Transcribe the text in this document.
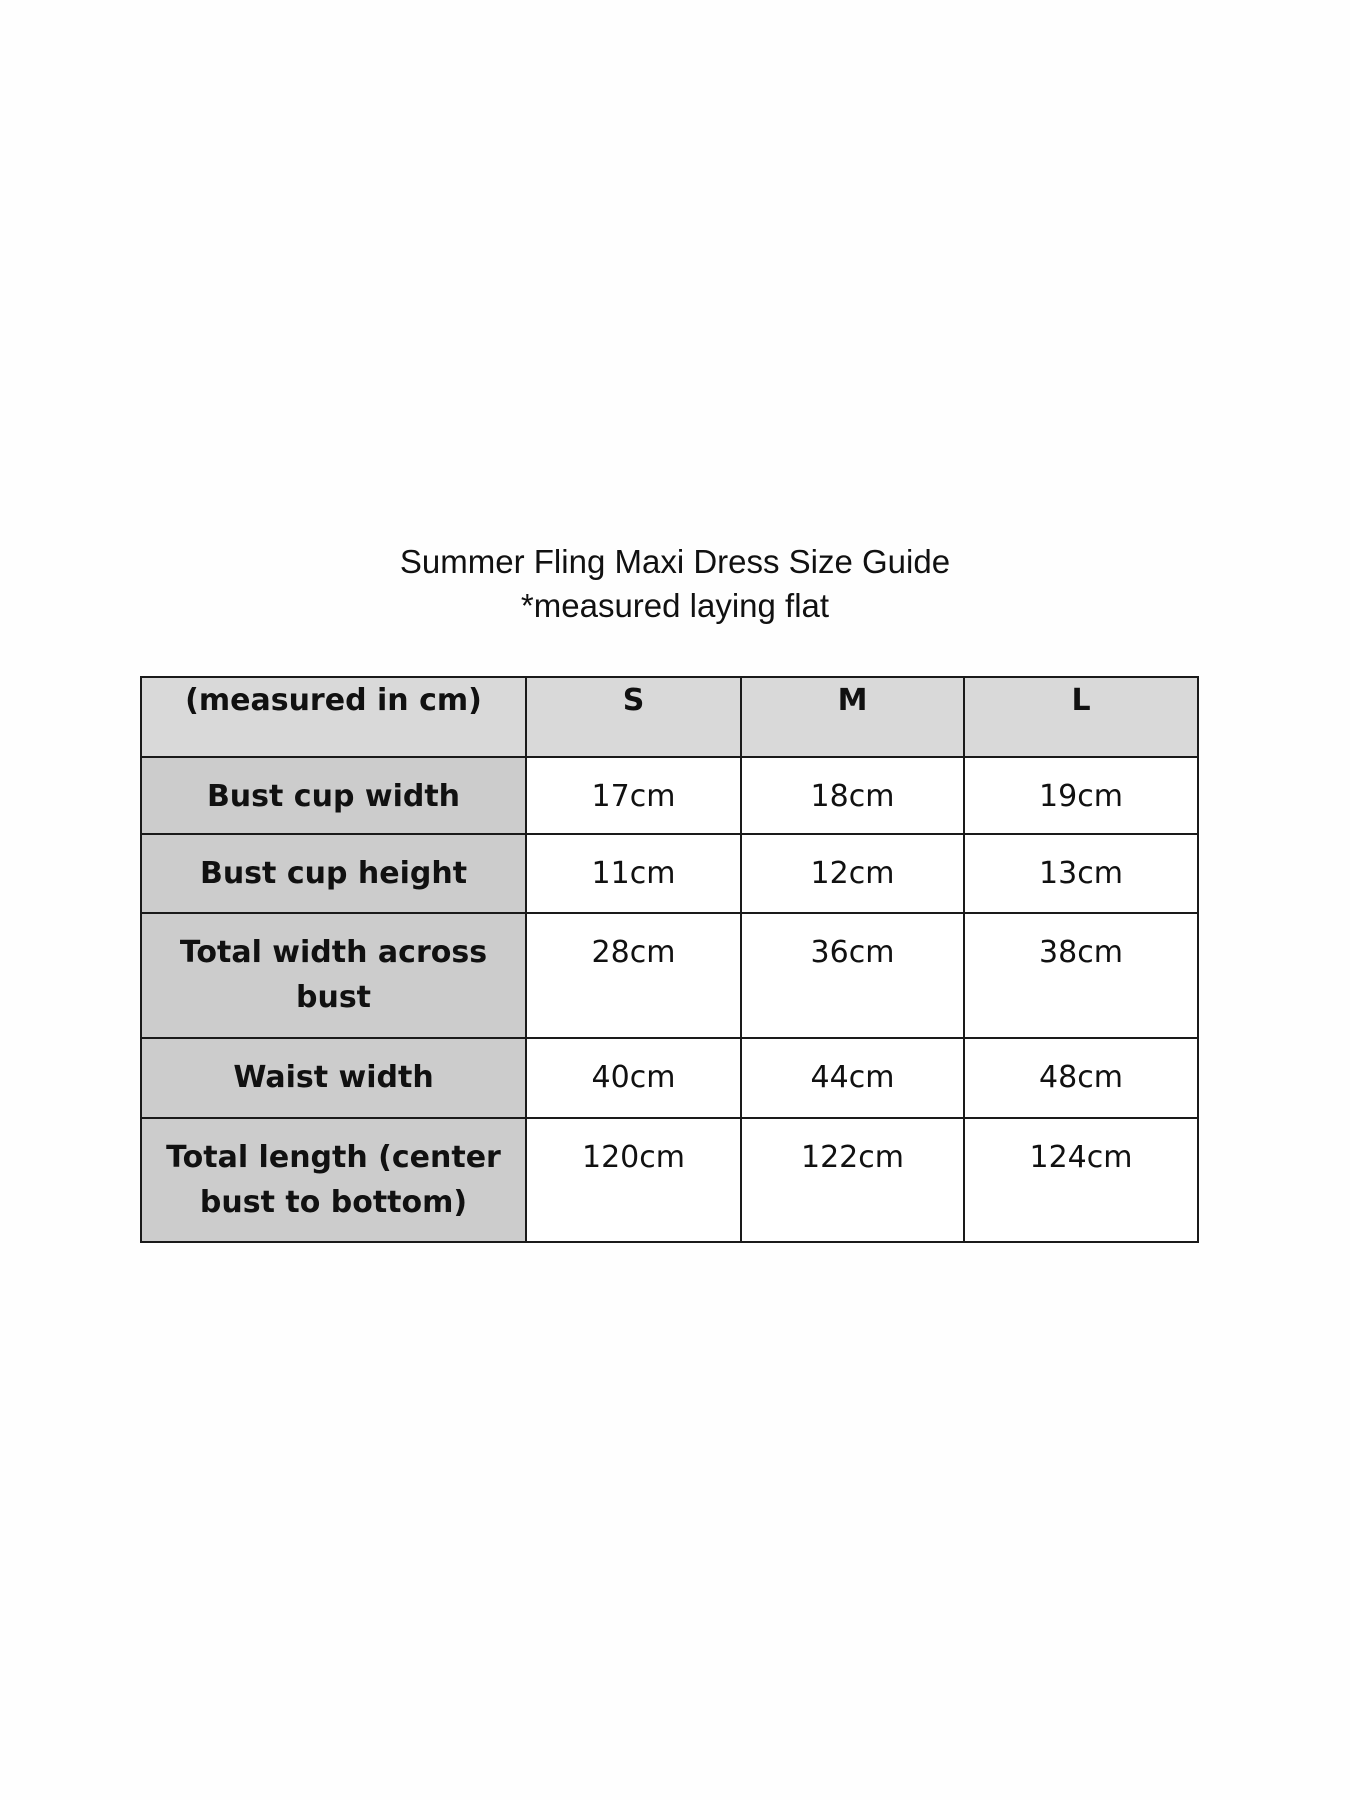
Summer Fling Maxi Dress Size Guide
*measured laying flat
(measured in cm)	S	M	L
Bust cup width	17cm	18cm	19cm
Bust cup height	11cm	12cm	13cm
Total width across bust	28cm	36cm	38cm
Waist width	40cm	44cm	48cm
Total length (center bust to bottom)	120cm	122cm	124cm
